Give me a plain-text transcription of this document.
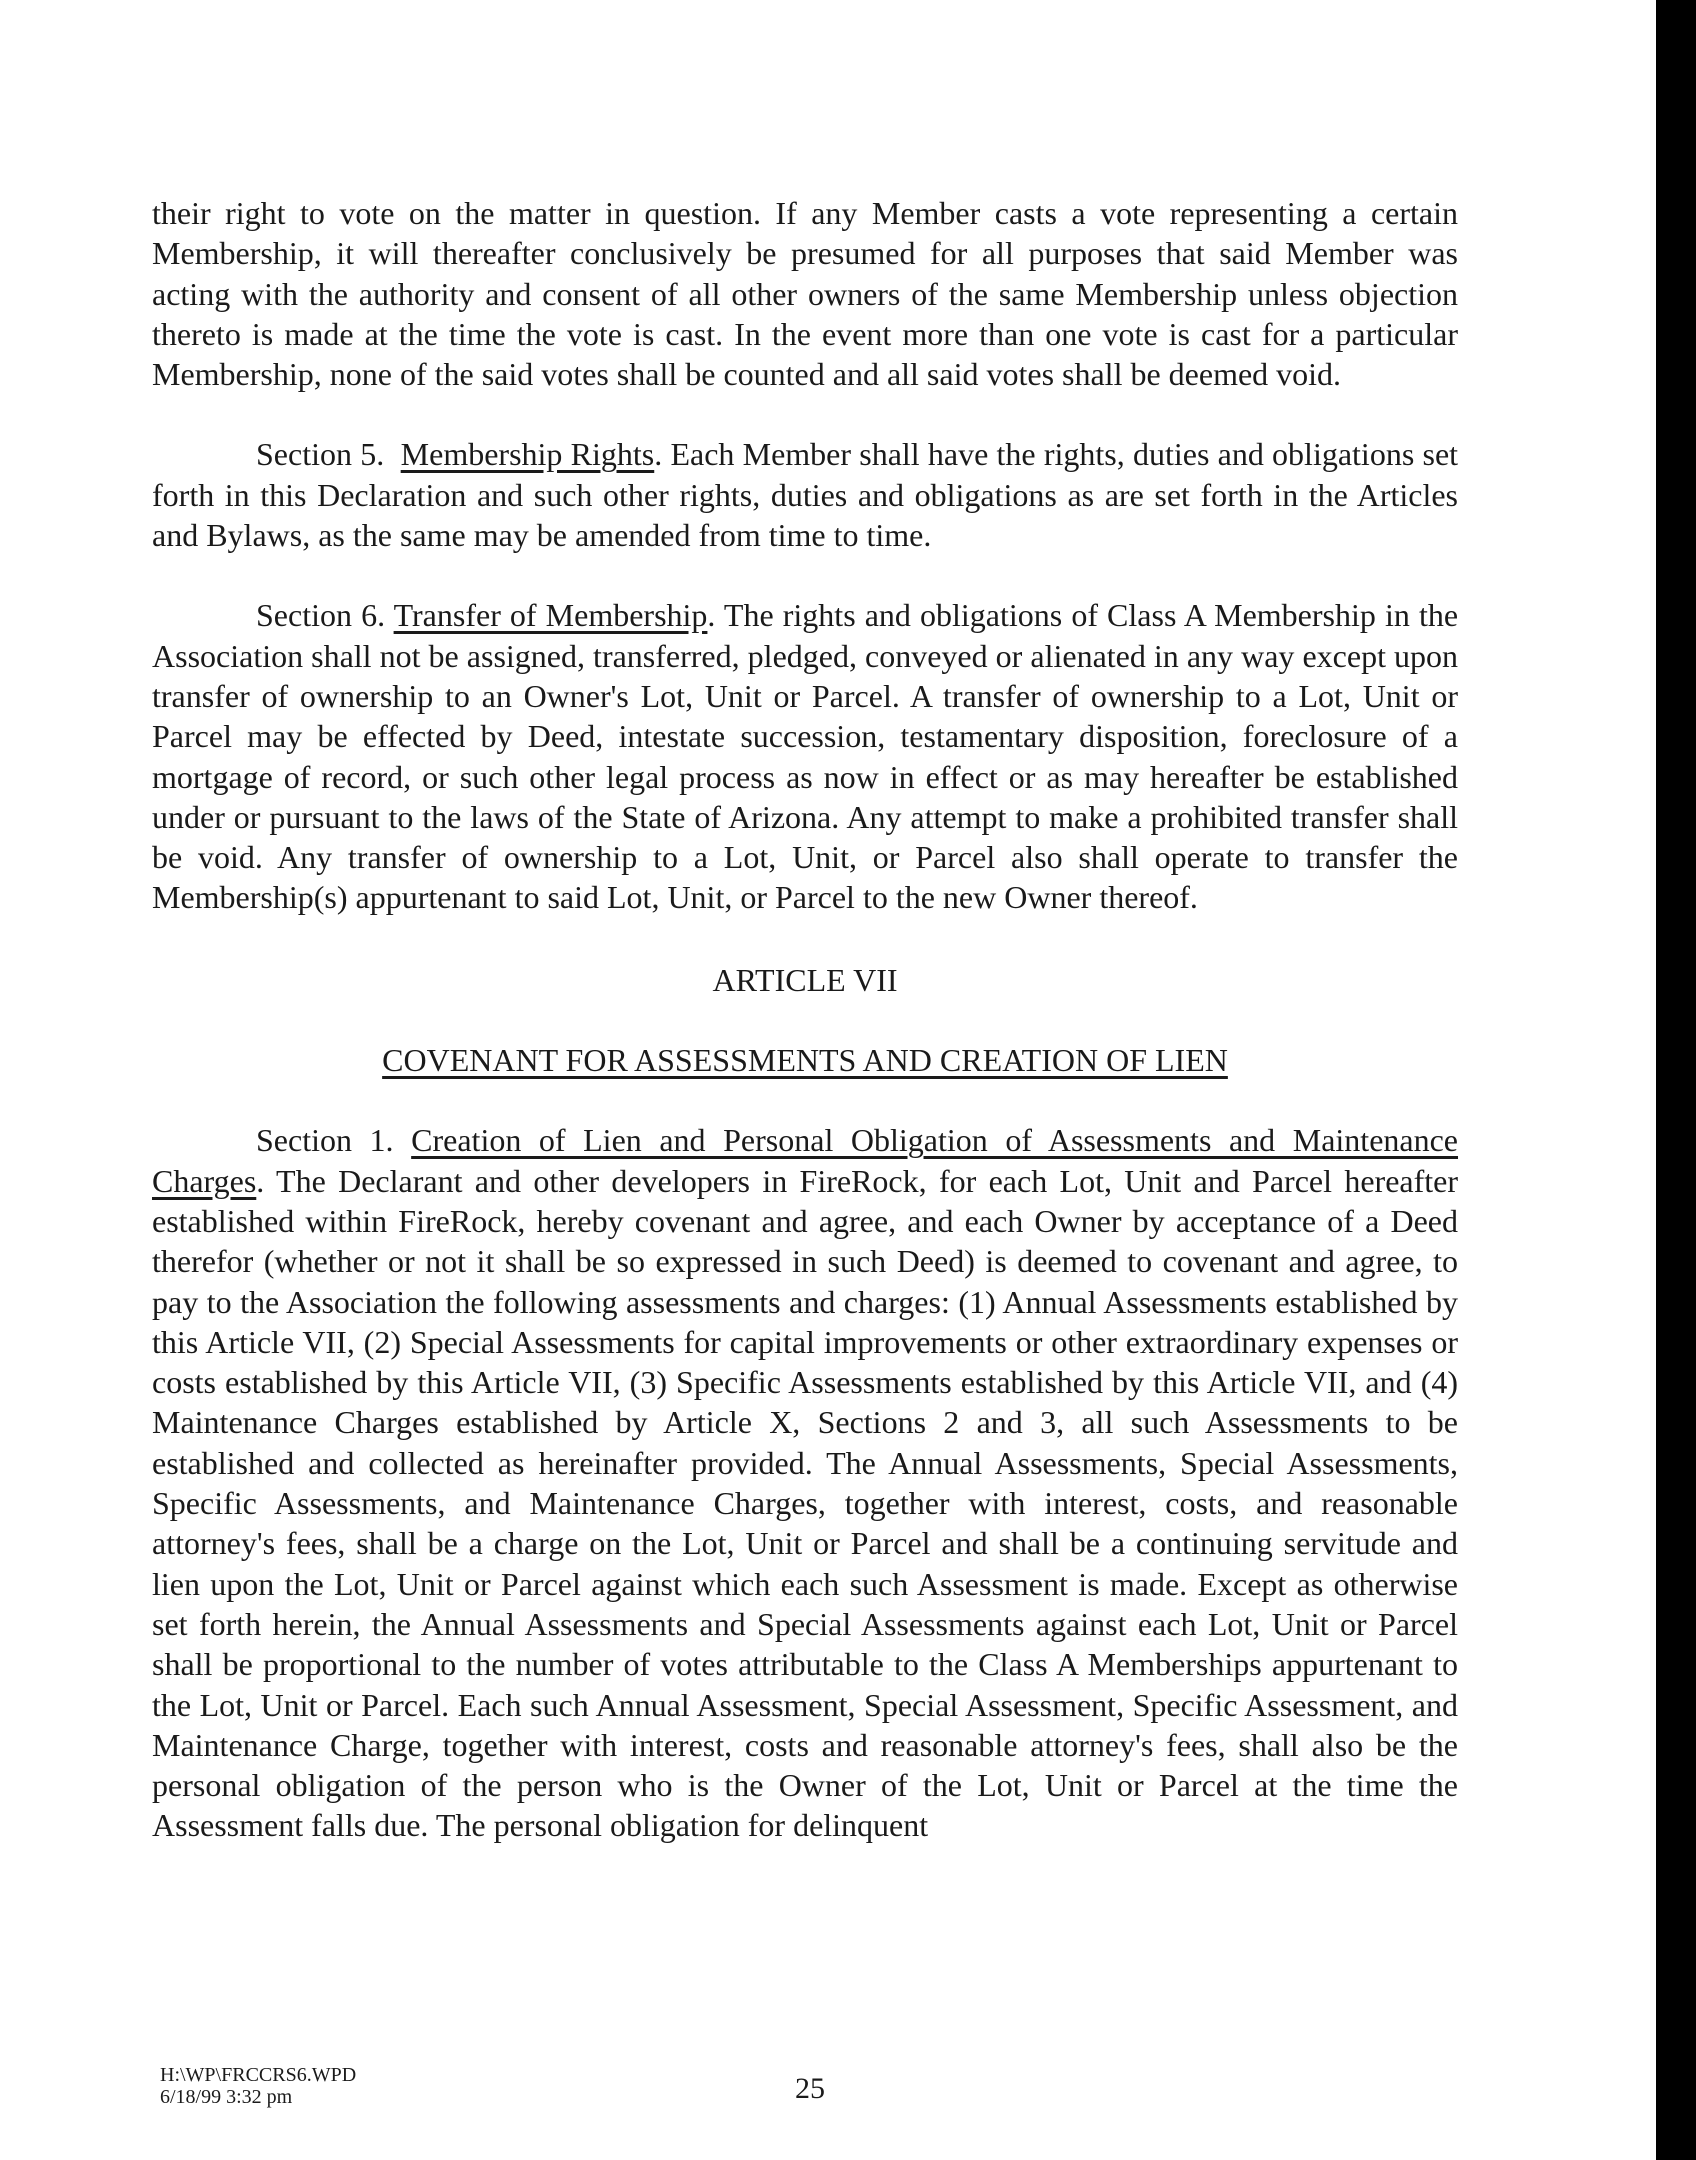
their right to vote on the matter in question. If any Member casts a vote representing a certain Membership, it will thereafter conclusively be presumed for all purposes that said Member was acting with the authority and consent of all other owners of the same Membership unless objection thereto is made at the time the vote is cast. In the event more than one vote is cast for a particular Membership, none of the said votes shall be counted and all said votes shall be deemed void.

Section 5. Membership Rights. Each Member shall have the rights, duties and obligations set forth in this Declaration and such other rights, duties and obligations as are set forth in the Articles and Bylaws, as the same may be amended from time to time.

Section 6. Transfer of Membership. The rights and obligations of Class A Membership in the Association shall not be assigned, transferred, pledged, conveyed or alienated in any way except upon transfer of ownership to an Owner's Lot, Unit or Parcel. A transfer of ownership to a Lot, Unit or Parcel may be effected by Deed, intestate succession, testamentary disposition, foreclosure of a mortgage of record, or such other legal process as now in effect or as may hereafter be established under or pursuant to the laws of the State of Arizona. Any attempt to make a prohibited transfer shall be void. Any transfer of ownership to a Lot, Unit, or Parcel also shall operate to transfer the Membership(s) appurtenant to said Lot, Unit, or Parcel to the new Owner thereof.

ARTICLE VII

COVENANT FOR ASSESSMENTS AND CREATION OF LIEN

Section 1. Creation of Lien and Personal Obligation of Assessments and Maintenance Charges. The Declarant and other developers in FireRock, for each Lot, Unit and Parcel hereafter established within FireRock, hereby covenant and agree, and each Owner by acceptance of a Deed therefor (whether or not it shall be so expressed in such Deed) is deemed to covenant and agree, to pay to the Association the following assessments and charges: (1) Annual Assessments established by this Article VII, (2) Special Assessments for capital improvements or other extraordinary expenses or costs established by this Article VII, (3) Specific Assessments established by this Article VII, and (4) Maintenance Charges established by Article X, Sections 2 and 3, all such Assessments to be established and collected as hereinafter provided. The Annual Assessments, Special Assessments, Specific Assessments, and Maintenance Charges, together with interest, costs, and reasonable attorney's fees, shall be a charge on the Lot, Unit or Parcel and shall be a continuing servitude and lien upon the Lot, Unit or Parcel against which each such Assessment is made. Except as otherwise set forth herein, the Annual Assessments and Special Assessments against each Lot, Unit or Parcel shall be proportional to the number of votes attributable to the Class A Memberships appurtenant to the Lot, Unit or Parcel. Each such Annual Assessment, Special Assessment, Specific Assessment, and Maintenance Charge, together with interest, costs and reasonable attorney's fees, shall also be the personal obligation of the person who is the Owner of the Lot, Unit or Parcel at the time the Assessment falls due. The personal obligation for delinquent

H:\WP\FRCCRS6.WPD
6/18/99 3:32 pm	25
